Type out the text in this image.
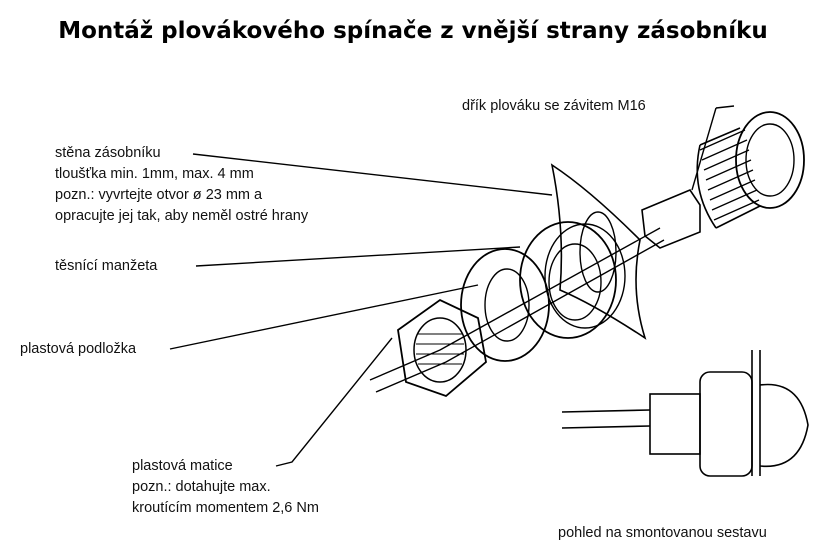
Montáž plovákového spínače z vnější strany zásobníku
dřík plováku se závitem M16
stěna zásobníku
tloušťka min. 1mm, max. 4 mm
pozn.: vyvrtejte otvor ø 23 mm a
opracujte jej tak, aby neměl ostré hrany
těsnící manžeta
plastová podložka
plastová matice
pozn.: dotahujte max.
kroutícím momentem 2,6 Nm
pohled na smontovanou sestavu
